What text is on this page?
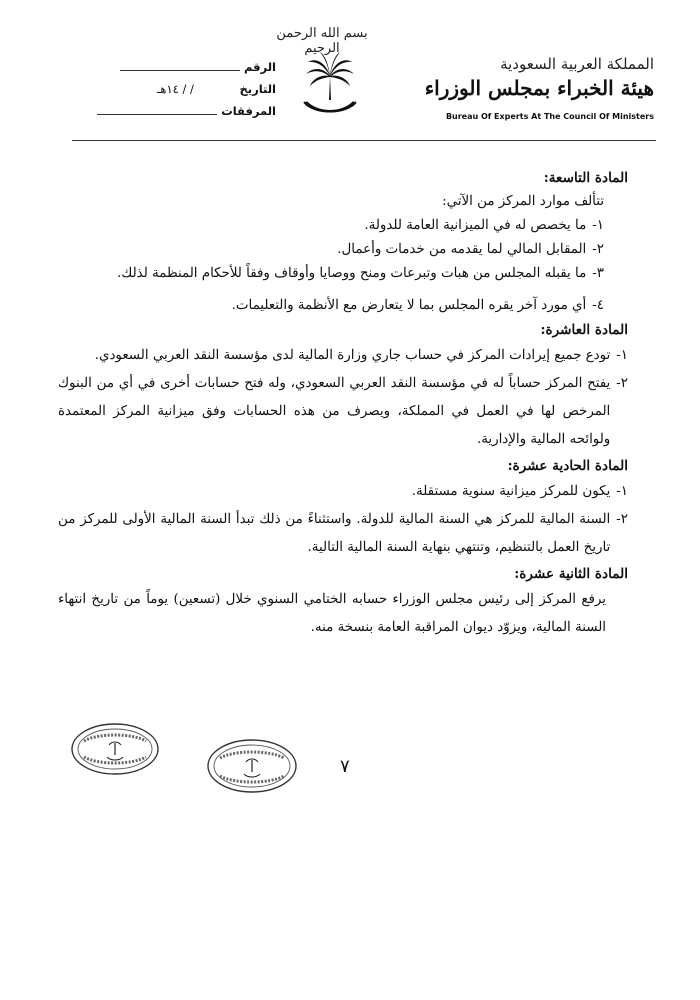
بسم الله الرحمن الرحيم
الرقم
التاريخ / / ١٤هـ
المرفقات
المملكة العربية السعودية
هيئة الخبراء بمجلس الوزراء
Bureau Of Experts At The Council Of Ministers
المادة التاسعة:
تتألف موارد المركز من الآتي:
١-
ما يخصص له في الميزانية العامة للدولة.
٢-
المقابل المالي لما يقدمه من خدمات وأعمال.
٣-
ما يقبله المجلس من هبات وتبرعات ومنح ووصايا وأوقاف وفقاً للأحكام المنظمة لذلك.
٤-
أي مورد آخر يقره المجلس بما لا يتعارض مع الأنظمة والتعليمات.
المادة العاشرة:
١-
تودع جميع إيرادات المركز في حساب جاري وزارة المالية لدى مؤسسة النقد العربي السعودي.
٢-
يفتح المركز حساباً له في مؤسسة النقد العربي السعودي، وله فتح حسابات أخرى في أي من البنوك المرخص لها في العمل في المملكة، ويصرف من هذه الحسابات وفق ميزانية المركز المعتمدة ولوائحه المالية والإدارية.
المادة الحادية عشرة:
١-
يكون للمركز ميزانية سنوية مستقلة.
٢-
السنة المالية للمركز هي السنة المالية للدولة. واستثناءً من ذلك تبدأ السنة المالية الأولى للمركز من تاريخ العمل بالتنظيم، وتنتهي بنهاية السنة المالية التالية.
المادة الثانية عشرة:
يرفع المركز إلى رئيس مجلس الوزراء حسابه الختامي السنوي خلال (تسعين) يوماً من تاريخ انتهاء السنة المالية، ويزوّد ديوان المراقبة العامة بنسخة منه.
٧
